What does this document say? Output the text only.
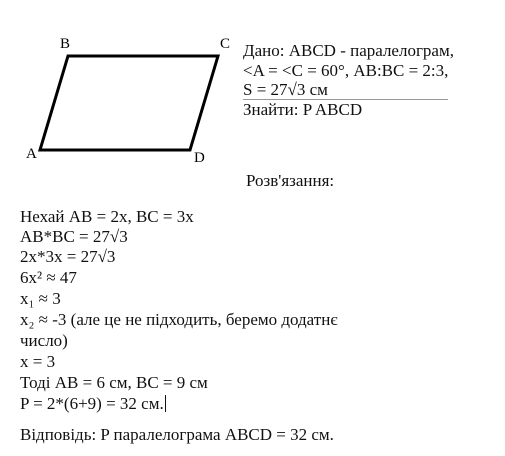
B	C
A	D
Дано: ABCD - паралелограм,
<A = <С = 60°, AB:BC = 2:3,
S = 27√3 см
Знайти: P ABCD
Розв'язання:
Нехай AB = 2x, BC = 3x
AB*BC = 27√3
2x*3x = 27√3
6x² ≈ 47
x₁ ≈ 3
x₂ ≈ -3 (але це не підходить, беремо додатнє
число)
x = 3
Тоді AB = 6 см, BC = 9 см
P = 2*(6+9) = 32 см.
Відповідь: P паралелограма ABCD = 32 см.
